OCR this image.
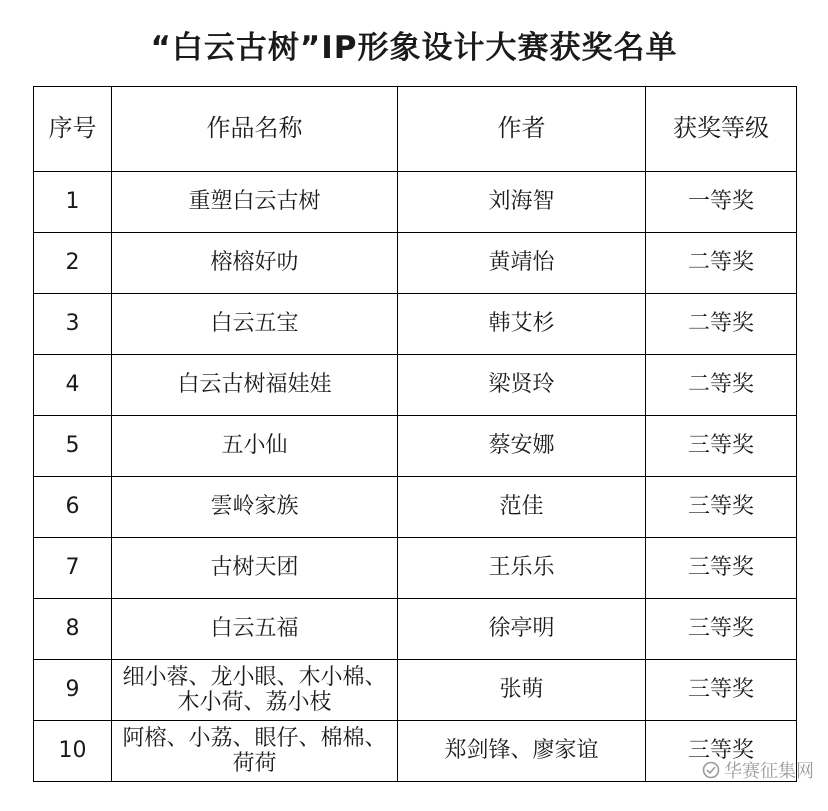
“白云古树”IP形象设计大赛获奖名单
序号	作品名称	作者	获奖等级
1	重塑白云古树	刘海智	一等奖
2	榕榕好叻	黄靖怡	二等奖
3	白云五宝	韩艾杉	二等奖
4	白云古树福娃娃	梁贤玲	二等奖
5	五小仙	蔡安娜	三等奖
6	雲岭家族	范佳	三等奖
7	古树天团	王乐乐	三等奖
8	白云五福	徐亭明	三等奖
9	细小蓉、龙小眼、木小棉、木小荷、荔小枝	张萌	三等奖
10	阿榕、小荔、眼仔、棉棉、荷荷	郑剑锋、廖家谊	三等奖
华赛征集网
